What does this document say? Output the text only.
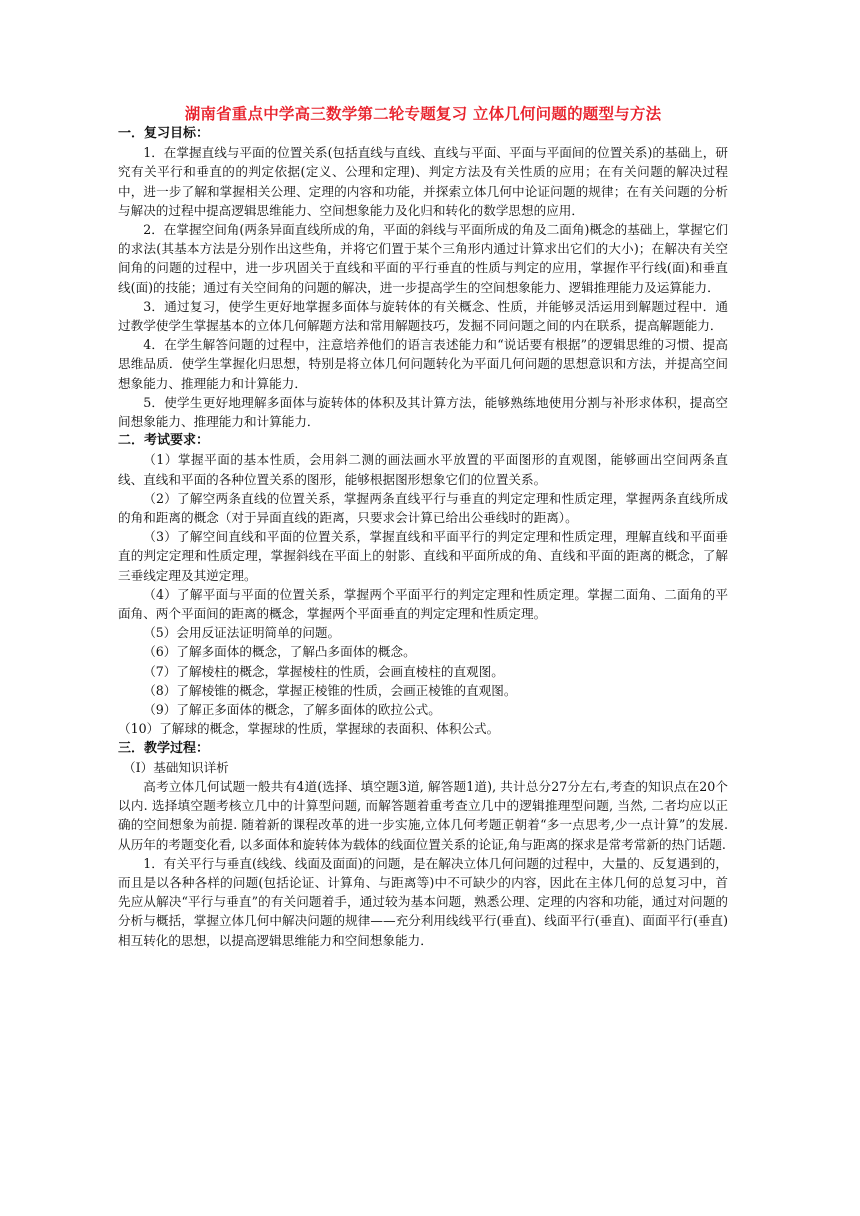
湖南省重点中学高三数学第二轮专题复习 立体几何问题的题型与方法

一．复习目标：

1．在掌握直线与平面的位置关系(包括直线与直线、直线与平面、平面与平面间的位置关系)的基础上，研究有关平行和垂直的的判定依据(定义、公理和定理)、判定方法及有关性质的应用；在有关问题的解决过程中，进一步了解和掌握相关公理、定理的内容和功能，并探索立体几何中论证问题的规律；在有关问题的分析与解决的过程中提高逻辑思维能力、空间想象能力及化归和转化的数学思想的应用．

2．在掌握空间角(两条异面直线所成的角，平面的斜线与平面所成的角及二面角)概念的基础上，掌握它们的求法(其基本方法是分别作出这些角，并将它们置于某个三角形内通过计算求出它们的大小)；在解决有关空间角的问题的过程中，进一步巩固关于直线和平面的平行垂直的性质与判定的应用，掌握作平行线(面)和垂直线(面)的技能；通过有关空间角的问题的解决，进一步提高学生的空间想象能力、逻辑推理能力及运算能力．

3．通过复习，使学生更好地掌握多面体与旋转体的有关概念、性质，并能够灵活运用到解题过程中．通过教学使学生掌握基本的立体几何解题方法和常用解题技巧，发掘不同问题之间的内在联系，提高解题能力．

4．在学生解答问题的过程中，注意培养他们的语言表述能力和“说话要有根据”的逻辑思维的习惯、提高思维品质．使学生掌握化归思想，特别是将立体几何问题转化为平面几何问题的思想意识和方法，并提高空间想象能力、推理能力和计算能力．

5．使学生更好地理解多面体与旋转体的体积及其计算方法，能够熟练地使用分割与补形求体积，提高空间想象能力、推理能力和计算能力．

二．考试要求：

（1）掌握平面的基本性质，会用斜二测的画法画水平放置的平面图形的直观图，能够画出空间两条直线、直线和平面的各种位置关系的图形，能够根据图形想象它们的位置关系。

（2）了解空两条直线的位置关系，掌握两条直线平行与垂直的判定定理和性质定理，掌握两条直线所成的角和距离的概念（对于异面直线的距离，只要求会计算已给出公垂线时的距离）。

（3）了解空间直线和平面的位置关系，掌握直线和平面平行的判定定理和性质定理，理解直线和平面垂直的判定定理和性质定理，掌握斜线在平面上的射影、直线和平面所成的角、直线和平面的距离的概念，了解三垂线定理及其逆定理。

（4）了解平面与平面的位置关系，掌握两个平面平行的判定定理和性质定理。掌握二面角、二面角的平面角、两个平面间的距离的概念，掌握两个平面垂直的判定定理和性质定理。

（5）会用反证法证明简单的问题。

（6）了解多面体的概念，了解凸多面体的概念。

（7）了解棱柱的概念，掌握棱柱的性质，会画直棱柱的直观图。

（8）了解棱锥的概念，掌握正棱锥的性质，会画正棱锥的直观图。

（9）了解正多面体的概念，了解多面体的欧拉公式。

（10）了解球的概念，掌握球的性质，掌握球的表面积、体积公式。

三．教学过程：

（Ⅰ）基础知识详析

高考立体几何试题一般共有4道(选择、填空题3道, 解答题1道), 共计总分27分左右,考查的知识点在20个以内. 选择填空题考核立几中的计算型问题, 而解答题着重考查立几中的逻辑推理型问题, 当然, 二者均应以正确的空间想象为前提. 随着新的课程改革的进一步实施,立体几何考题正朝着“多一点思考,少一点计算”的发展.从历年的考题变化看, 以多面体和旋转体为载体的线面位置关系的论证,角与距离的探求是常考常新的热门话题.

1．有关平行与垂直(线线、线面及面面)的问题，是在解决立体几何问题的过程中，大量的、反复遇到的，而且是以各种各样的问题(包括论证、计算角、与距离等)中不可缺少的内容，因此在主体几何的总复习中，首先应从解决“平行与垂直”的有关问题着手，通过较为基本问题，熟悉公理、定理的内容和功能，通过对问题的分析与概括，掌握立体几何中解决问题的规律——充分利用线线平行(垂直)、线面平行(垂直)、面面平行(垂直)相互转化的思想，以提高逻辑思维能力和空间想象能力．
